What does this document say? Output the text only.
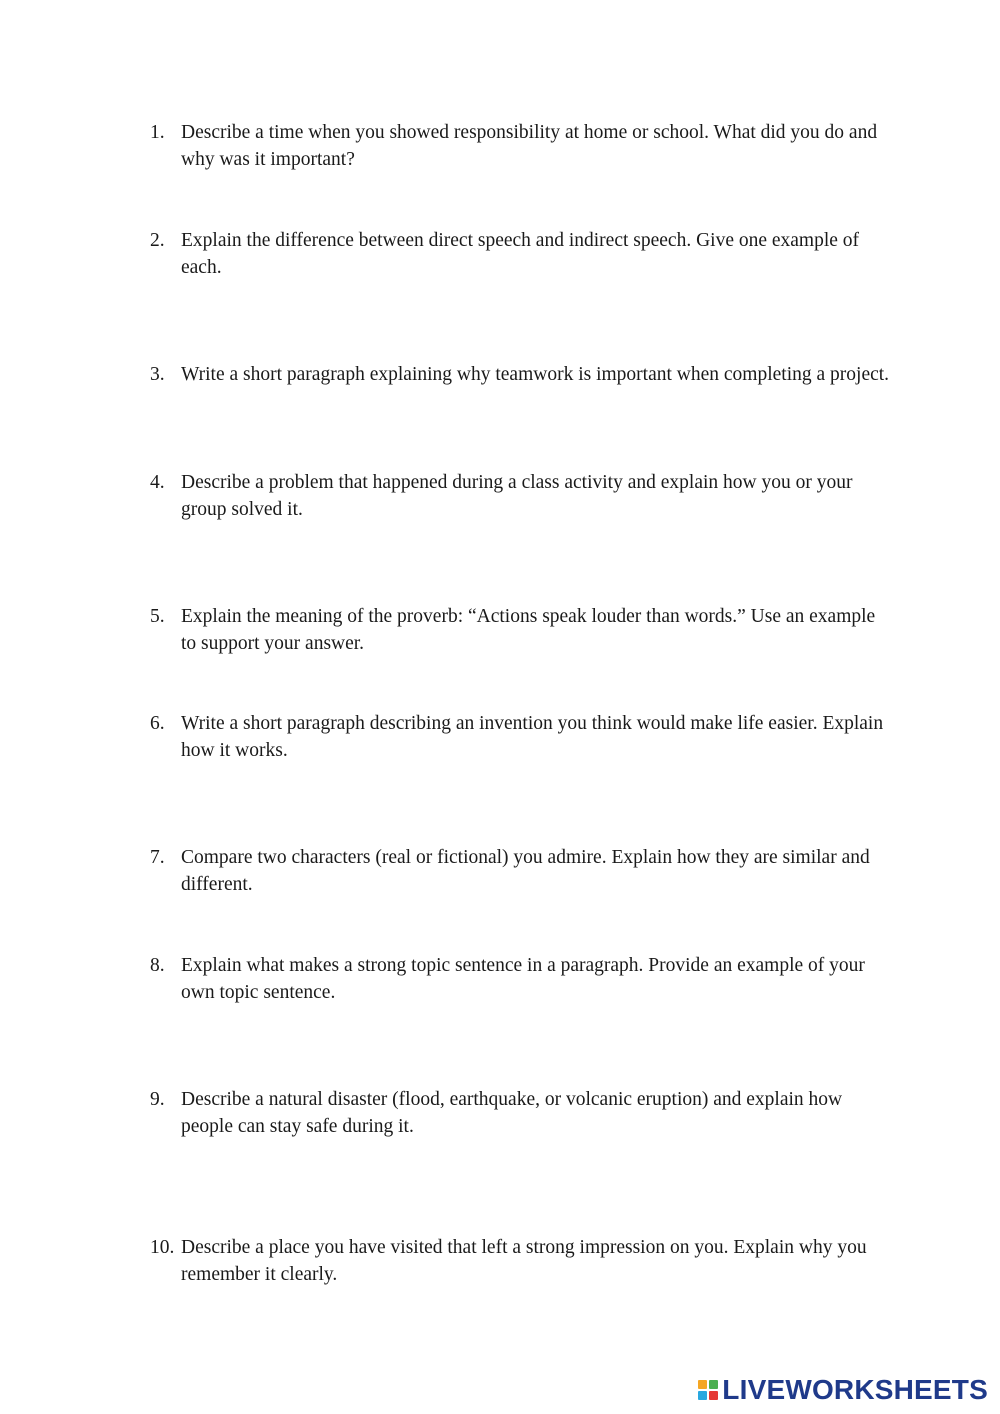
1. Describe a time when you showed responsibility at home or school. What did you do and why was it important?
2. Explain the difference between direct speech and indirect speech. Give one example of each.
3. Write a short paragraph explaining why teamwork is important when completing a project.
4. Describe a problem that happened during a class activity and explain how you or your group solved it.
5. Explain the meaning of the proverb: “Actions speak louder than words.” Use an example to support your answer.
6. Write a short paragraph describing an invention you think would make life easier. Explain how it works.
7. Compare two characters (real or fictional) you admire. Explain how they are similar and different.
8. Explain what makes a strong topic sentence in a paragraph. Provide an example of your own topic sentence.
9. Describe a natural disaster (flood, earthquake, or volcanic eruption) and explain how people can stay safe during it.
10. Describe a place you have visited that left a strong impression on you. Explain why you remember it clearly.
LIVEWORKSHEETS
